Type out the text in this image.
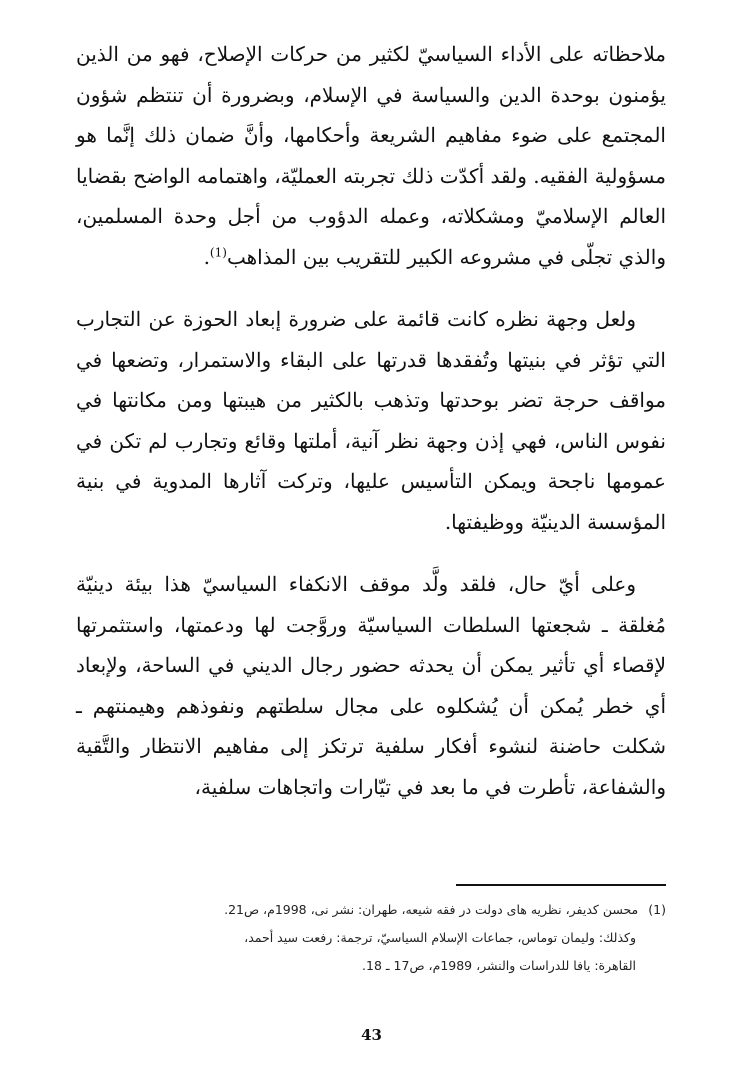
ملاحظاته على الأداء السياسيّ لكثير من حركات الإصلاح، فهو من الذين يؤمنون بوحدة الدين والسياسة في الإسلام، وبضرورة أن تنتظم شؤون المجتمع على ضوء مفاهيم الشريعة وأحكامها، وأنَّ ضمان ذلك إنَّما هو مسؤولية الفقيه. ولقد أكدّت ذلك تجربته العمليّة، واهتمامه الواضح بقضايا العالم الإسلاميّ ومشكلاته، وعمله الدؤوب من أجل وحدة المسلمين، والذي تجلّى في مشروعه الكبير للتقريب بين المذاهب$^{(1)}$.

ولعل وجهة نظره كانت قائمة على ضرورة إبعاد الحوزة عن التجارب التي تؤثر في بنيتها وتُفقدها قدرتها على البقاء والاستمرار، وتضعها في مواقف حرجة تضر بوحدتها وتذهب بالكثير من هيبتها ومن مكانتها في نفوس الناس، فهي إذن وجهة نظر آنية، أملتها وقائع وتجارب لم تكن في عمومها ناجحة ويمكن التأسيس عليها، وتركت آثارها المدوية في بنية المؤسسة الدينيّة ووظيفتها.

وعلى أيّ حال، فلقد ولَّد موقف الانكفاء السياسيّ هذا بيئة دينيّة مُغلقة ـ شجعتها السلطات السياسيّة وروَّجت لها ودعمتها، واستثمرتها لإقصاء أي تأثير يمكن أن يحدثه حضور رجال الديني في الساحة، ولإبعاد أي خطر يُمكن أن يُشكلوه على مجال سلطتهم ونفوذهم وهيمنتهم ـ شكلت حاضنة لنشوء أفكار سلفية ترتكز إلى مفاهيم الانتظار والتَّقية والشفاعة، تأطرت في ما بعد في تيّارات واتجاهات سلفية،

(1)محسن كديفر، نظريه هاى دولت در فقه شيعه، طهران: نشر نى، 1998م، ص21.

وكذلك: وليمان توماس، جماعات الإسلام السياسيّ، ترجمة: رفعت سيد أحمد،

القاهرة: يافا للدراسات والنشر، 1989م، ص17 ـ 18.

43
